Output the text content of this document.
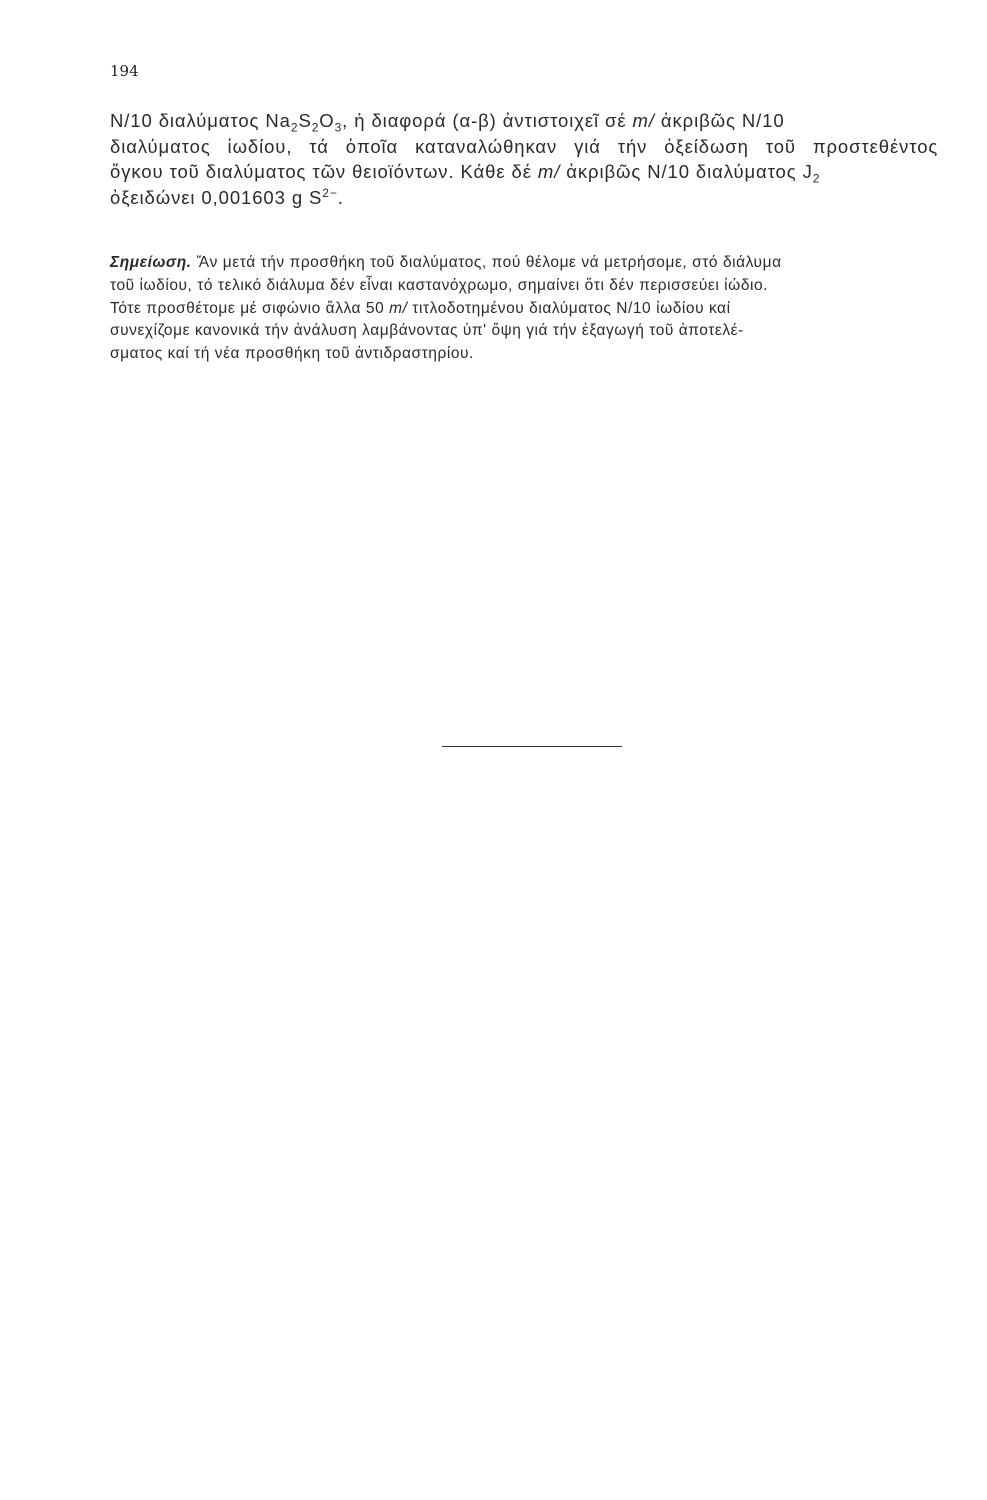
194
N/10 διαλύματος $Na_2S_2O_3$, ἡ διαφορά (α-β) ἀντιστοιχεῖ σέ m/ ἀκριβῶς N/10
διαλύματος ἰωδίου, τά ὁποῖα καταναλώθηκαν γιά τήν ὀξείδωση τοῦ προστεθέντος
ὄγκου τοῦ διαλύματος τῶν θειοϊόντων. Κάθε δέ m/ ἀκριβῶς N/10 διαλύματος $J_2$
ὀξειδώνει 0,001603 g $S^{2-}$.
Σημείωση. Ἄν μετά τήν προσθήκη τοῦ διαλύματος, πού θέλομε νά μετρήσομε, στό διάλυμα
τοῦ ἰωδίου, τό τελικό διάλυμα δέν εἶναι καστανόχρωμο, σημαίνει ὅτι δέν περισσεύει ἰώδιο.
Τότε προσθέτομε μέ σιφώνιο ἄλλα 50 m/ τιτλοδοτημένου διαλύματος N/10 ἰωδίου καί
συνεχίζομε κανονικά τήν ἀνάλυση λαμβάνοντας ὑπ' ὄψη γιά τήν ἐξαγωγή τοῦ ἀποτελέ-
σματος καί τή νέα προσθήκη τοῦ ἀντιδραστηρίου.
